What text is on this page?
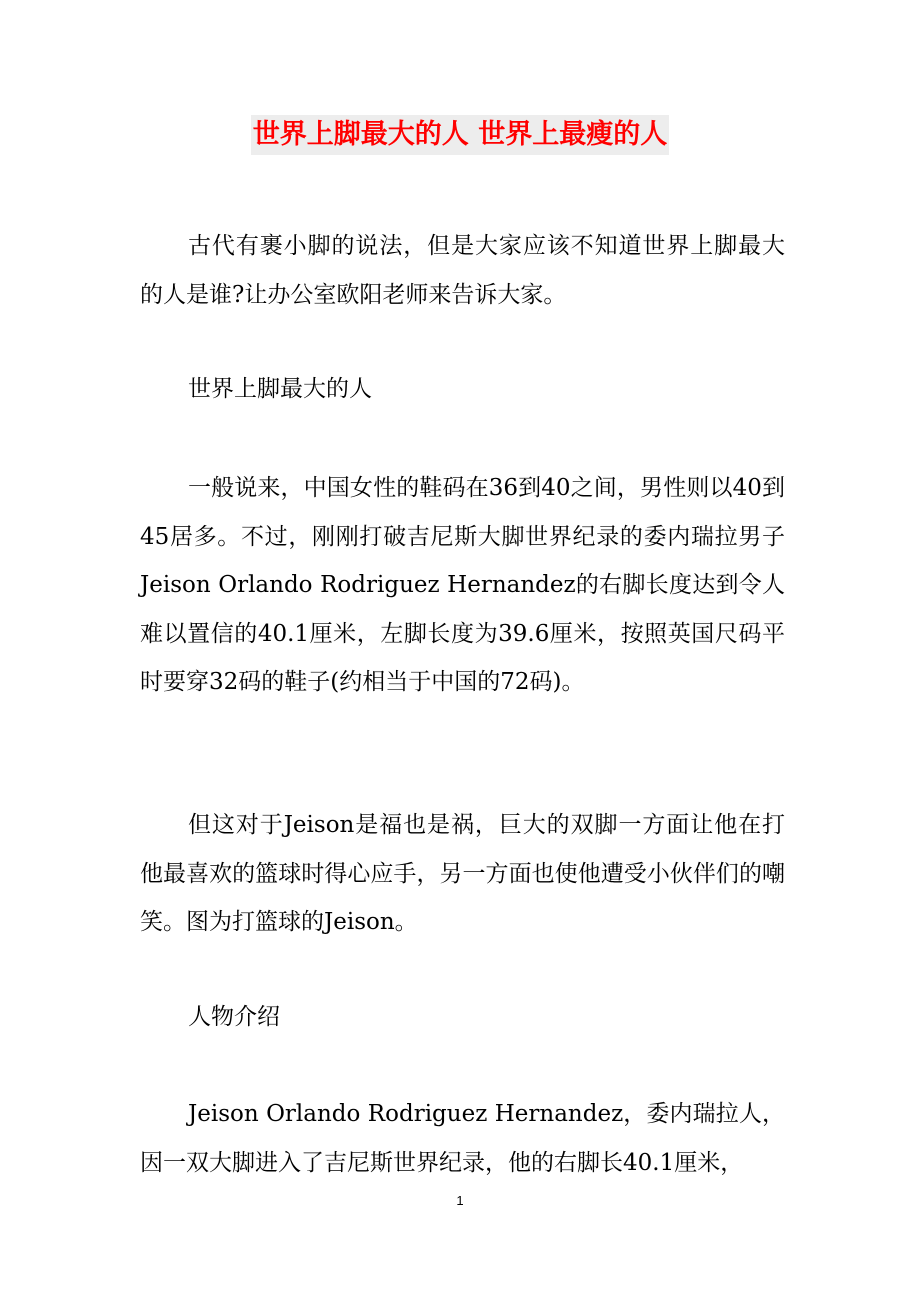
世界上脚最大的人 世界上最瘦的人

古代有裹小脚的说法，但是大家应该不知道世界上脚最大的人是谁?让办公室欧阳老师来告诉大家。

世界上脚最大的人

一般说来，中国女性的鞋码在36到40之间，男性则以40到45居多。不过，刚刚打破吉尼斯大脚世界纪录的委内瑞拉男子Jeison Orlando Rodriguez Hernandez的右脚长度达到令人难以置信的40.1厘米，左脚长度为39.6厘米，按照英国尺码平时要穿32码的鞋子(约相当于中国的72码)。

但这对于Jeison是福也是祸，巨大的双脚一方面让他在打他最喜欢的篮球时得心应手，另一方面也使他遭受小伙伴们的嘲笑。图为打篮球的Jeison。

人物介绍

Jeison Orlando Rodriguez Hernandez，委内瑞拉人，因一双大脚进入了吉尼斯世界纪录，他的右脚长40.1厘米，

1
